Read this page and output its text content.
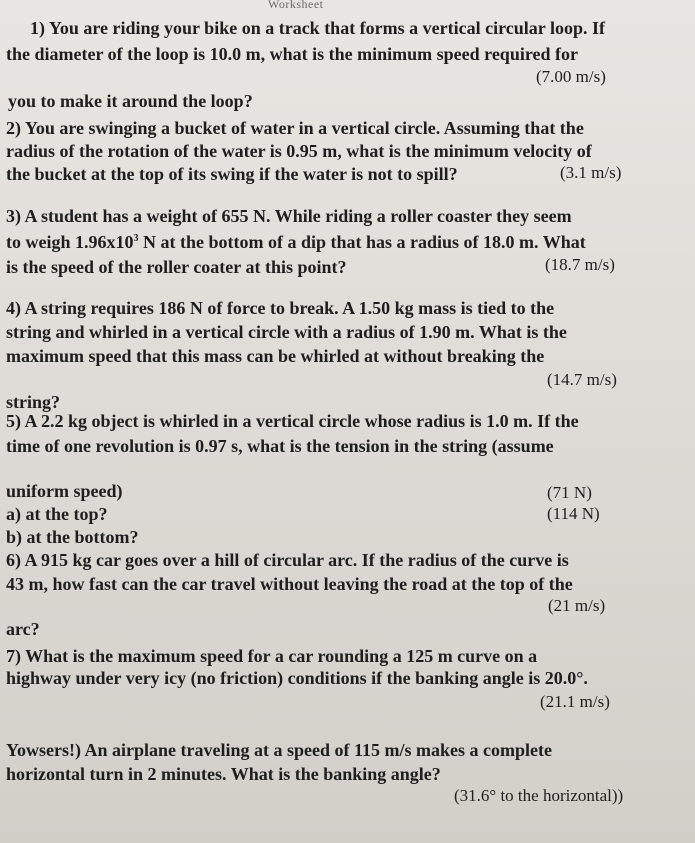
Worksheet
1) You are riding your bike on a track that forms a vertical circular loop. If
the diameter of the loop is 10.0 m, what is the minimum speed required for
you to make it around the loop?
(7.00 m/s)
2) You are swinging a bucket of water in a vertical circle. Assuming that the
radius of the rotation of the water is 0.95 m, what is the minimum velocity of
the bucket at the top of its swing if the water is not to spill?	(3.1 m/s)
3) A student has a weight of 655 N. While riding a roller coaster they seem
to weigh $1.96x10^3$ N at the bottom of a dip that has a radius of 18.0 m. What
is the speed of the roller coater at this point?	(18.7 m/s)
4) A string requires 186 N of force to break. A 1.50 kg mass is tied to the
string and whirled in a vertical circle with a radius of 1.90 m. What is the
maximum speed that this mass can be whirled at without breaking the
string?
(14.7 m/s)
5) A 2.2 kg object is whirled in a vertical circle whose radius is 1.0 m. If the
time of one revolution is 0.97 s, what is the tension in the string (assume
uniform speed)	(71 N)
a) at the top?	(114 N)
b) at the bottom?
6) A 915 kg car goes over a hill of circular arc. If the radius of the curve is
43 m, how fast can the car travel without leaving the road at the top of the
arc?
(21 m/s)
7) What is the maximum speed for a car rounding a 125 m curve on a
highway under very icy (no friction) conditions if the banking angle is 20.0°.
(21.1 m/s)
Yowsers!) An airplane traveling at a speed of 115 m/s makes a complete
horizontal turn in 2 minutes. What is the banking angle?
(31.6° to the horizontal))
